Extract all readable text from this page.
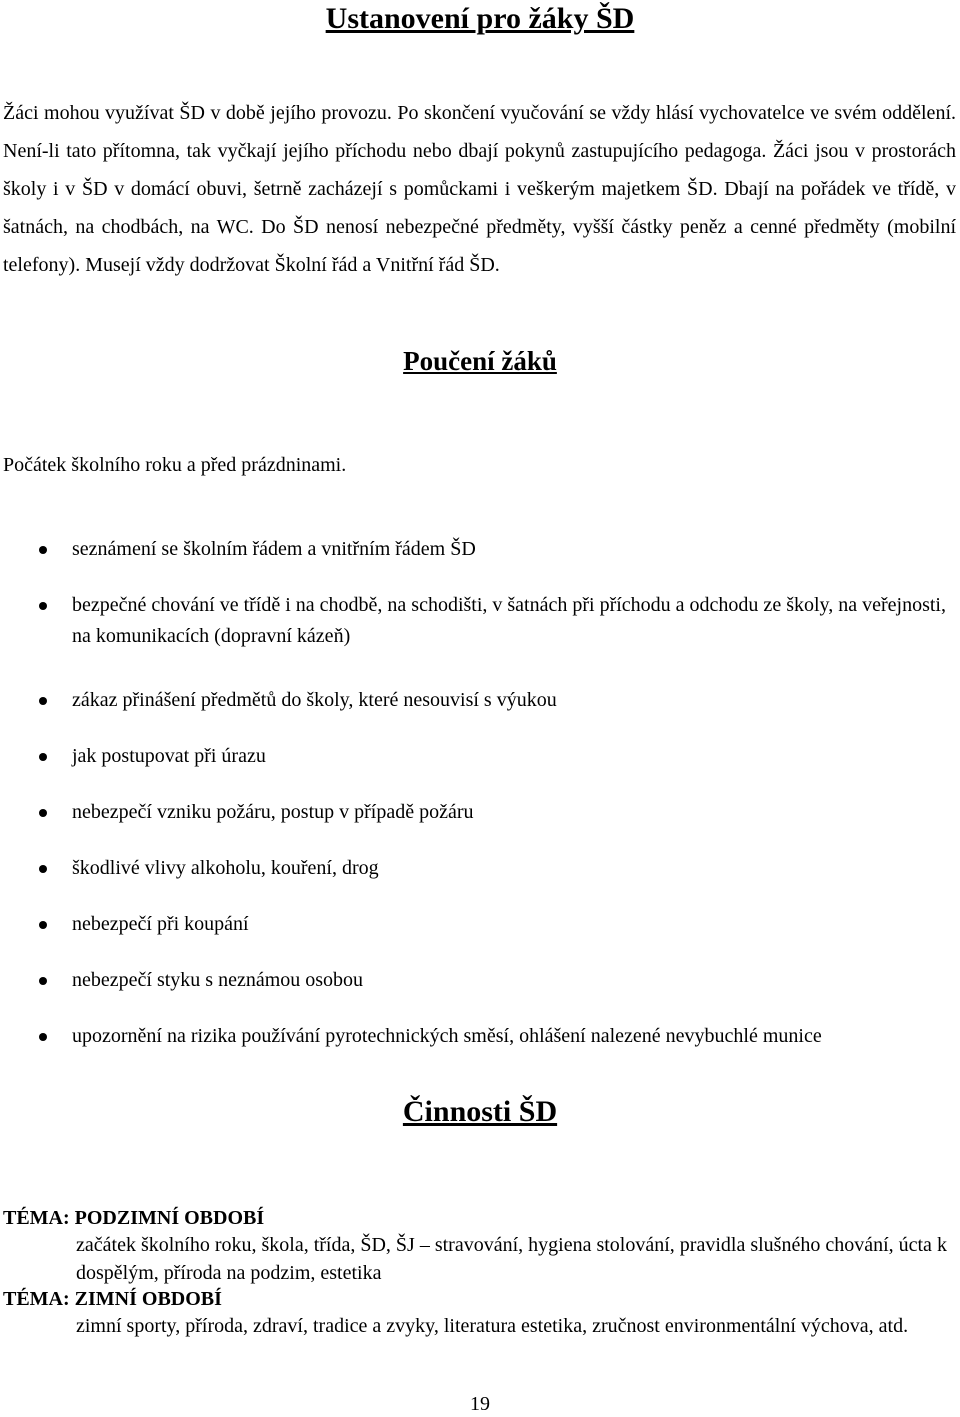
Ustanovení pro žáky ŠD

Žáci mohou využívat ŠD v době jejího provozu. Po skončení vyučování se vždy hlásí vychovatelce ve svém oddělení. Není-li tato přítomna, tak vyčkají jejího příchodu nebo dbají pokynů zastupujícího pedagoga. Žáci jsou v prostorách školy i v ŠD v domácí obuvi, šetrně zacházejí s pomůckami i veškerým majetkem ŠD. Dbají na pořádek ve třídě, v šatnách, na chodbách, na WC. Do ŠD nenosí nebezpečné předměty, vyšší částky peněz a cenné předměty (mobilní telefony). Musejí vždy dodržovat Školní řád a Vnitřní řád ŠD.

Poučení žáků

Počátek školního roku a před prázdninami.

seznámení se školním řádem a vnitřním řádem ŠD
bezpečné chování ve třídě i na chodbě, na schodišti, v šatnách při příchodu a odchodu ze školy, na veřejnosti, na komunikacích (dopravní kázeň)
zákaz přinášení předmětů do školy, které nesouvisí s výukou
jak postupovat při úrazu
nebezpečí vzniku požáru, postup v případě požáru
škodlivé vlivy alkoholu, kouření, drog
nebezpečí při koupání
nebezpečí styku s neznámou osobou
upozornění na rizika používání pyrotechnických směsí, ohlášení nalezené nevybuchlé munice
Činnosti ŠD
TÉMA: PODZIMNÍ OBDOBÍ
začátek školního roku, škola, třída, ŠD, ŠJ – stravování, hygiena stolování, pravidla slušného chování, úcta k dospělým, příroda na podzim, estetika
TÉMA: ZIMNÍ OBDOBÍ
zimní sporty, příroda, zdraví, tradice a zvyky, literatura estetika, zručnost environmentální výchova, atd.
19
